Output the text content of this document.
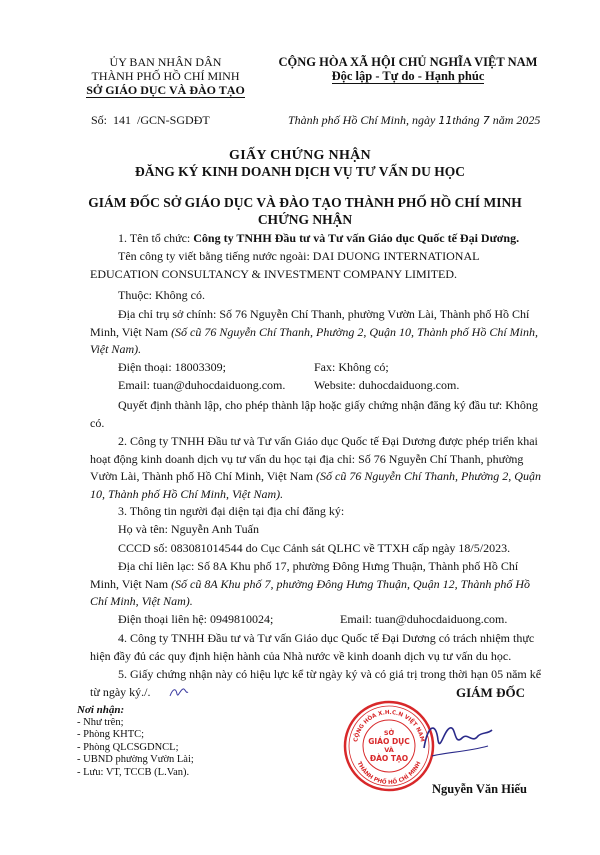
ỦY BAN NHÂN DÂN
THÀNH PHỐ HỒ CHÍ MINH
SỞ GIÁO DỤC VÀ ĐÀO TẠO
CỘNG HÒA XÃ HỘI CHỦ NGHĨA VIỆT NAM
Độc lập - Tự do - Hạnh phúc
Số: 141 /GCN-SGDĐT	Thành phố Hồ Chí Minh, ngày 11tháng 7 năm 2025
GIẤY CHỨNG NHẬN
ĐĂNG KÝ KINH DOANH DỊCH VỤ TƯ VẤN DU HỌC
GIÁM ĐỐC SỞ GIÁO DỤC VÀ ĐÀO TẠO THÀNH PHỐ HỒ CHÍ MINH
CHỨNG NHẬN
1. Tên tổ chức: Công ty TNHH Đầu tư và Tư vấn Giáo dục Quốc tế Đại Dương.
Tên công ty viết bằng tiếng nước ngoài: DAI DUONG INTERNATIONAL EDUCATION CONSULTANCY & INVESTMENT COMPANY LIMITED.
Thuộc: Không có.
Địa chỉ trụ sở chính: Số 76 Nguyễn Chí Thanh, phường Vườn Lài, Thành phố Hồ Chí Minh, Việt Nam (Số cũ 76 Nguyễn Chí Thanh, Phường 2, Quận 10, Thành phố Hồ Chí Minh, Việt Nam).
Điện thoại: 18003309;	Fax: Không có;
Email: tuan@duhocdaiduong.com.	Website: duhocdaiduong.com.
Quyết định thành lập, cho phép thành lập hoặc giấy chứng nhận đăng ký đầu tư: Không có.
2. Công ty TNHH Đầu tư và Tư vấn Giáo dục Quốc tế Đại Dương được phép triển khai hoạt động kinh doanh dịch vụ tư vấn du học tại địa chỉ: Số 76 Nguyễn Chí Thanh, phường Vườn Lài, Thành phố Hồ Chí Minh, Việt Nam (Số cũ 76 Nguyễn Chí Thanh, Phường 2, Quận 10, Thành phố Hồ Chí Minh, Việt Nam).
3. Thông tin người đại diện tại địa chỉ đăng ký:
Họ và tên: Nguyễn Anh Tuấn
CCCD số: 083081014544 do Cục Cảnh sát QLHC về TTXH cấp ngày 18/5/2023.
Địa chỉ liên lạc: Số 8A Khu phố 17, phường Đông Hưng Thuận, Thành phố Hồ Chí Minh, Việt Nam (Số cũ 8A Khu phố 7, phường Đông Hưng Thuận, Quận 12, Thành phố Hồ Chí Minh, Việt Nam).
Điện thoại liên hệ: 0949810024;	Email: tuan@duhocdaiduong.com.
4. Công ty TNHH Đầu tư và Tư vấn Giáo dục Quốc tế Đại Dương có trách nhiệm thực hiện đầy đủ các quy định hiện hành của Nhà nước về kinh doanh dịch vụ tư vấn du học.
5. Giấy chứng nhận này có hiệu lực kể từ ngày ký và có giá trị trong thời hạn 05 năm kể từ ngày ký./.
Nơi nhận:
- Như trên;
- Phòng KHTC;
- Phòng QLCSGDNCL;
- UBND phường Vườn Lài;
- Lưu: VT, TCCB (L.Van).
GIÁM ĐỐC
CỘNG HÒA X.H.C.N VIỆT NAM
THÀNH PHỐ HỒ CHÍ MINH
SỞ
GIÁO DỤC
VÀ
ĐÀO TẠO
Nguyễn Văn Hiếu
